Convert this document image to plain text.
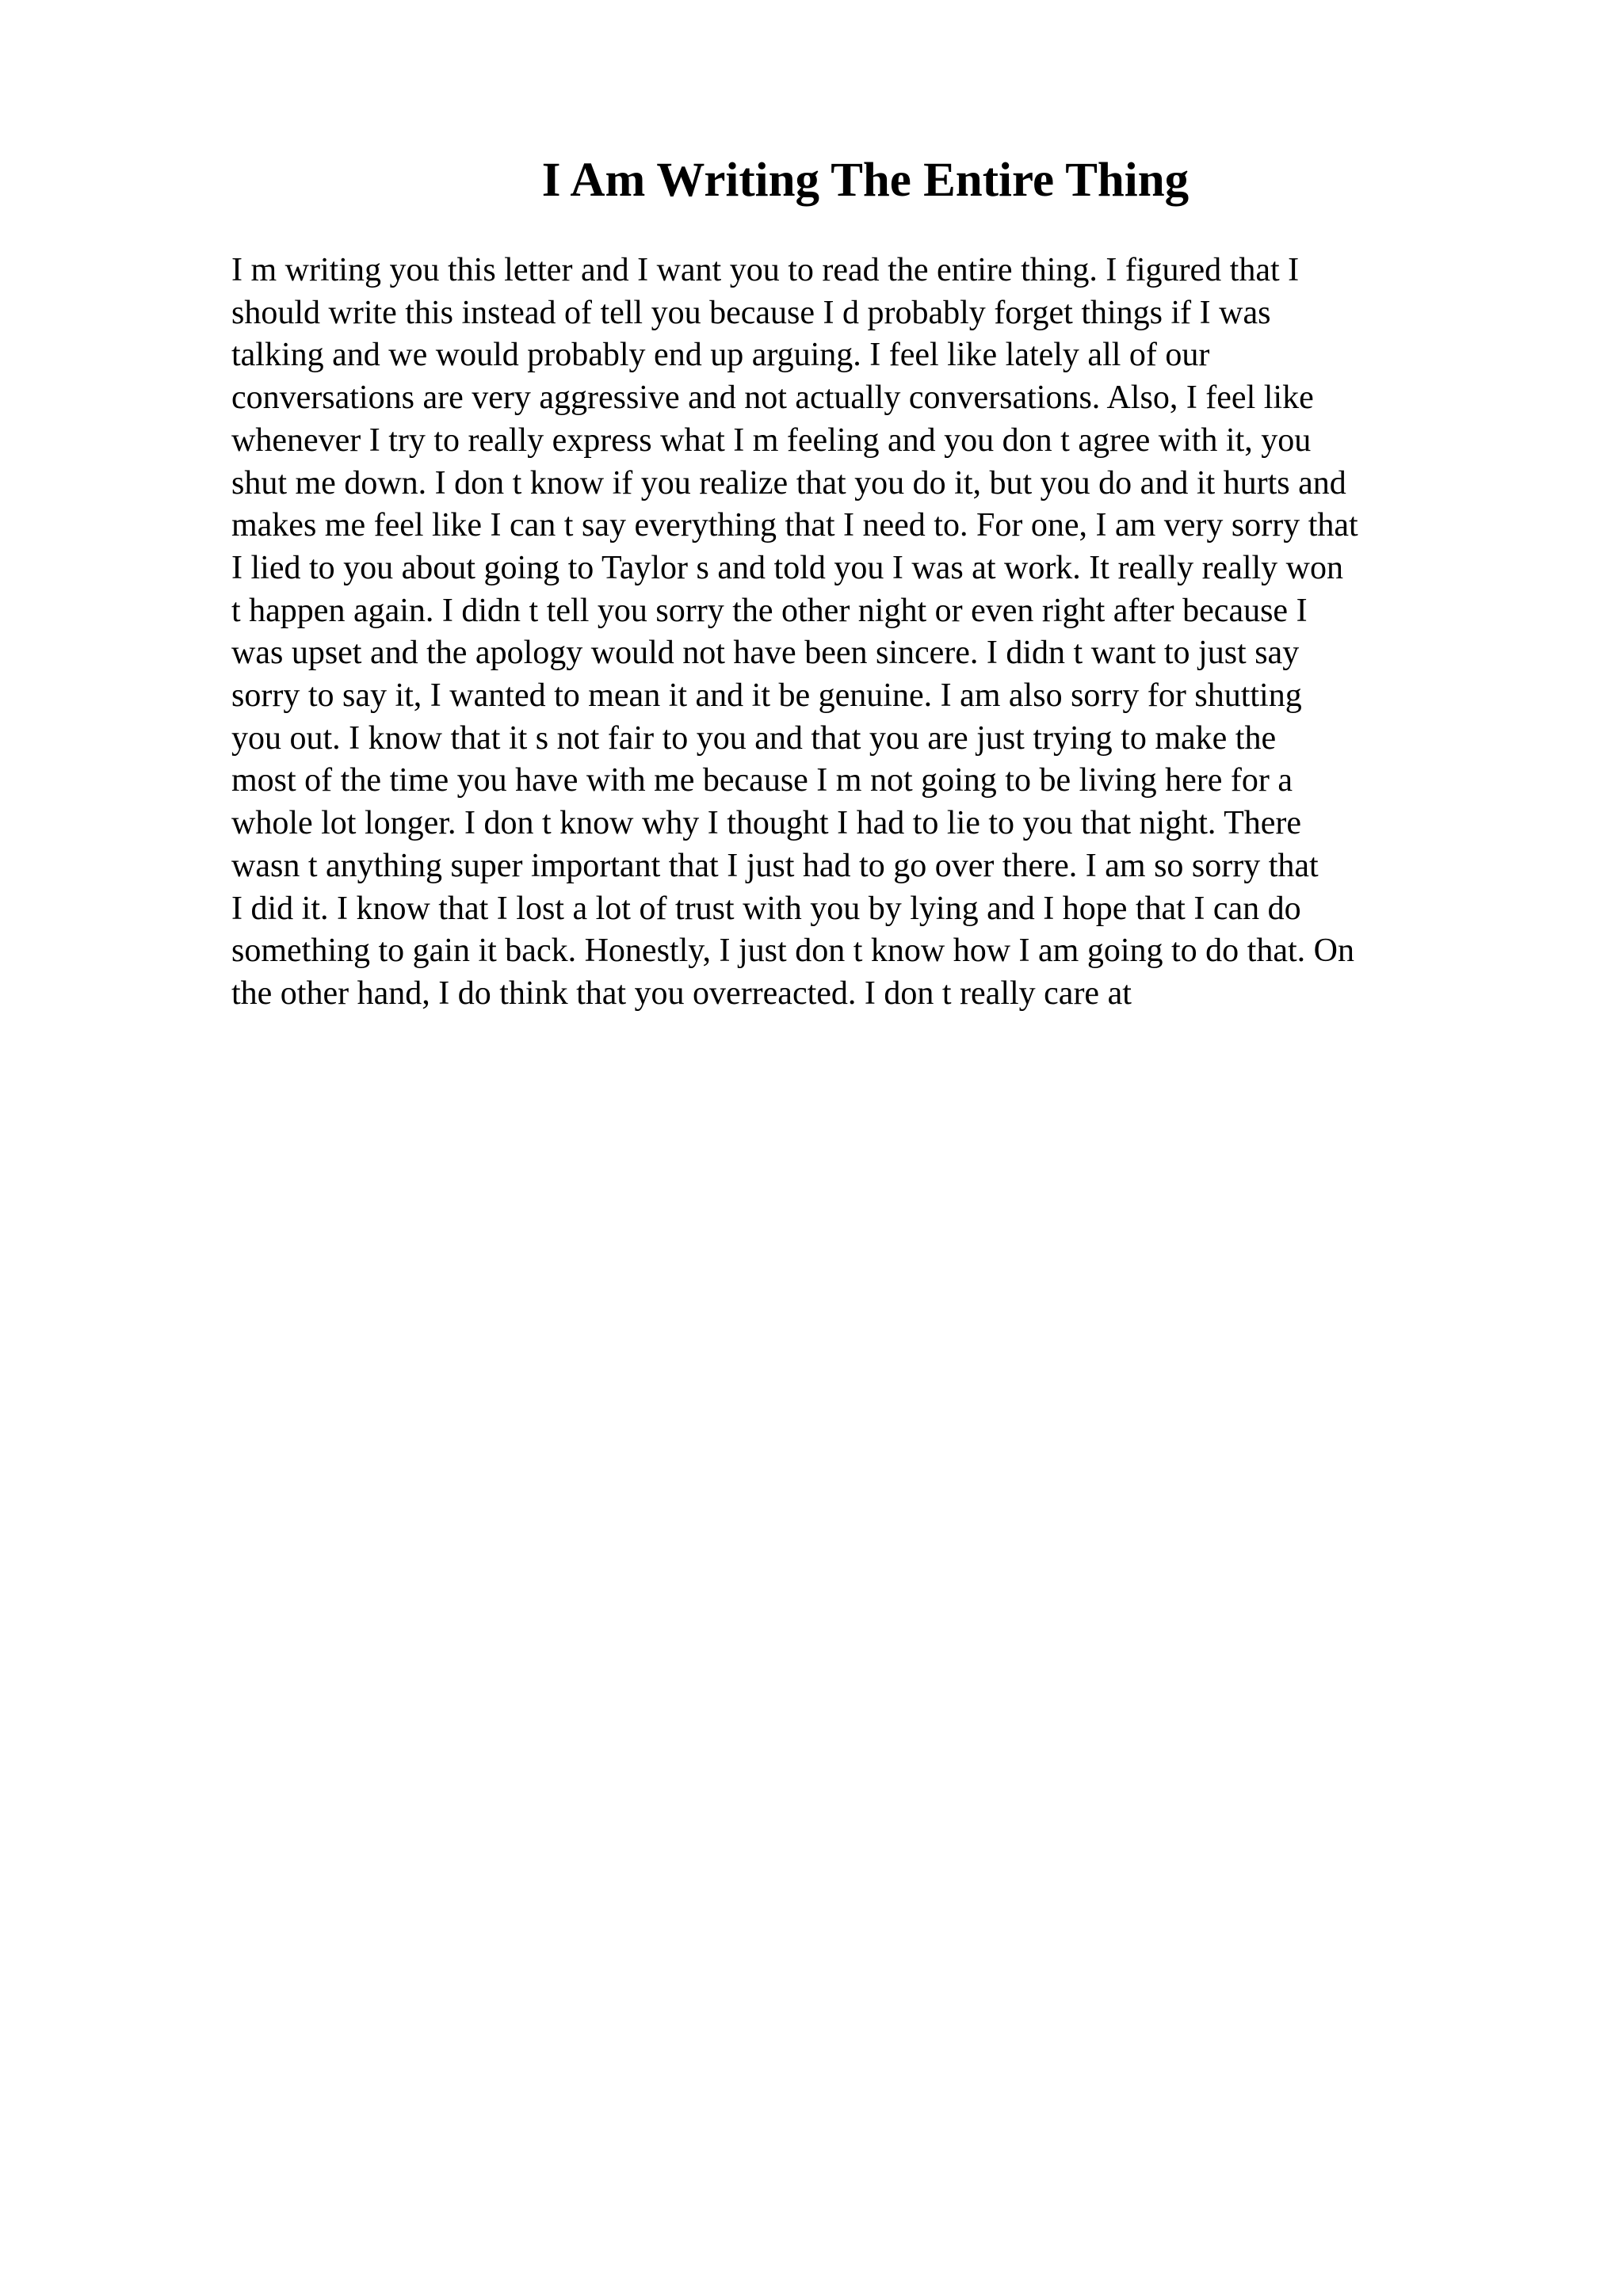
I Am Writing The Entire Thing
I m writing you this letter and I want you to read the entire thing. I figured that I
should write this instead of tell you because I d probably forget things if I was
talking and we would probably end up arguing. I feel like lately all of our
conversations are very aggressive and not actually conversations. Also, I feel like
whenever I try to really express what I m feeling and you don t agree with it, you
shut me down. I don t know if you realize that you do it, but you do and it hurts and
makes me feel like I can t say everything that I need to. For one, I am very sorry that
I lied to you about going to Taylor s and told you I was at work. It really really won
t happen again. I didn t tell you sorry the other night or even right after because I
was upset and the apology would not have been sincere. I didn t want to just say
sorry to say it, I wanted to mean it and it be genuine. I am also sorry for shutting
you out. I know that it s not fair to you and that you are just trying to make the
most of the time you have with me because I m not going to be living here for a
whole lot longer. I don t know why I thought I had to lie to you that night. There
wasn t anything super important that I just had to go over there. I am so sorry that
I did it. I know that I lost a lot of trust with you by lying and I hope that I can do
something to gain it back. Honestly, I just don t know how I am going to do that. On
the other hand, I do think that you overreacted. I don t really care at
